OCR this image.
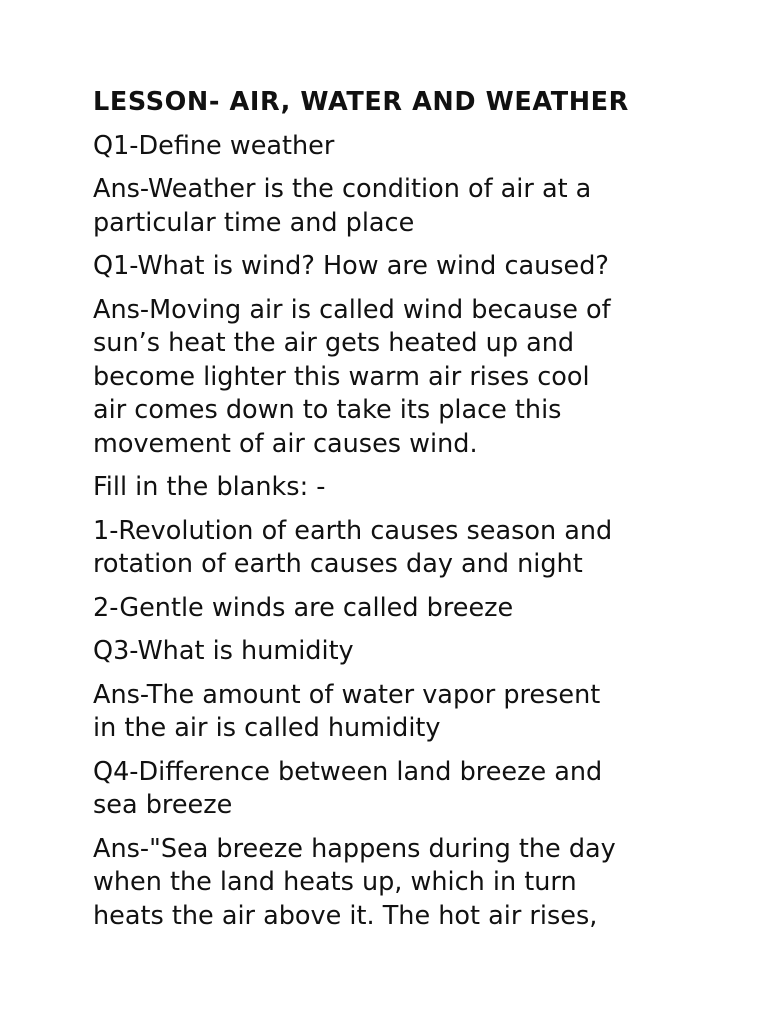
LESSON- AIR, WATER AND WEATHER
Q1-Define weather
Ans-Weather is the condition of air at a
particular time and place
Q1-What is wind? How are wind caused?
Ans-Moving air is called wind because of
sun’s heat the air gets heated up and
become lighter this warm air rises cool
air comes down to take its place this
movement of air causes wind.
Fill in the blanks: -
1-Revolution of earth causes season and
rotation of earth causes day and night
2-Gentle winds are called breeze
Q3-What is humidity
Ans-The amount of water vapor present
in the air is called humidity
Q4-Difference between land breeze and
sea breeze
Ans-"Sea breeze happens during the day
when the land heats up, which in turn
heats the air above it. The hot air rises,
